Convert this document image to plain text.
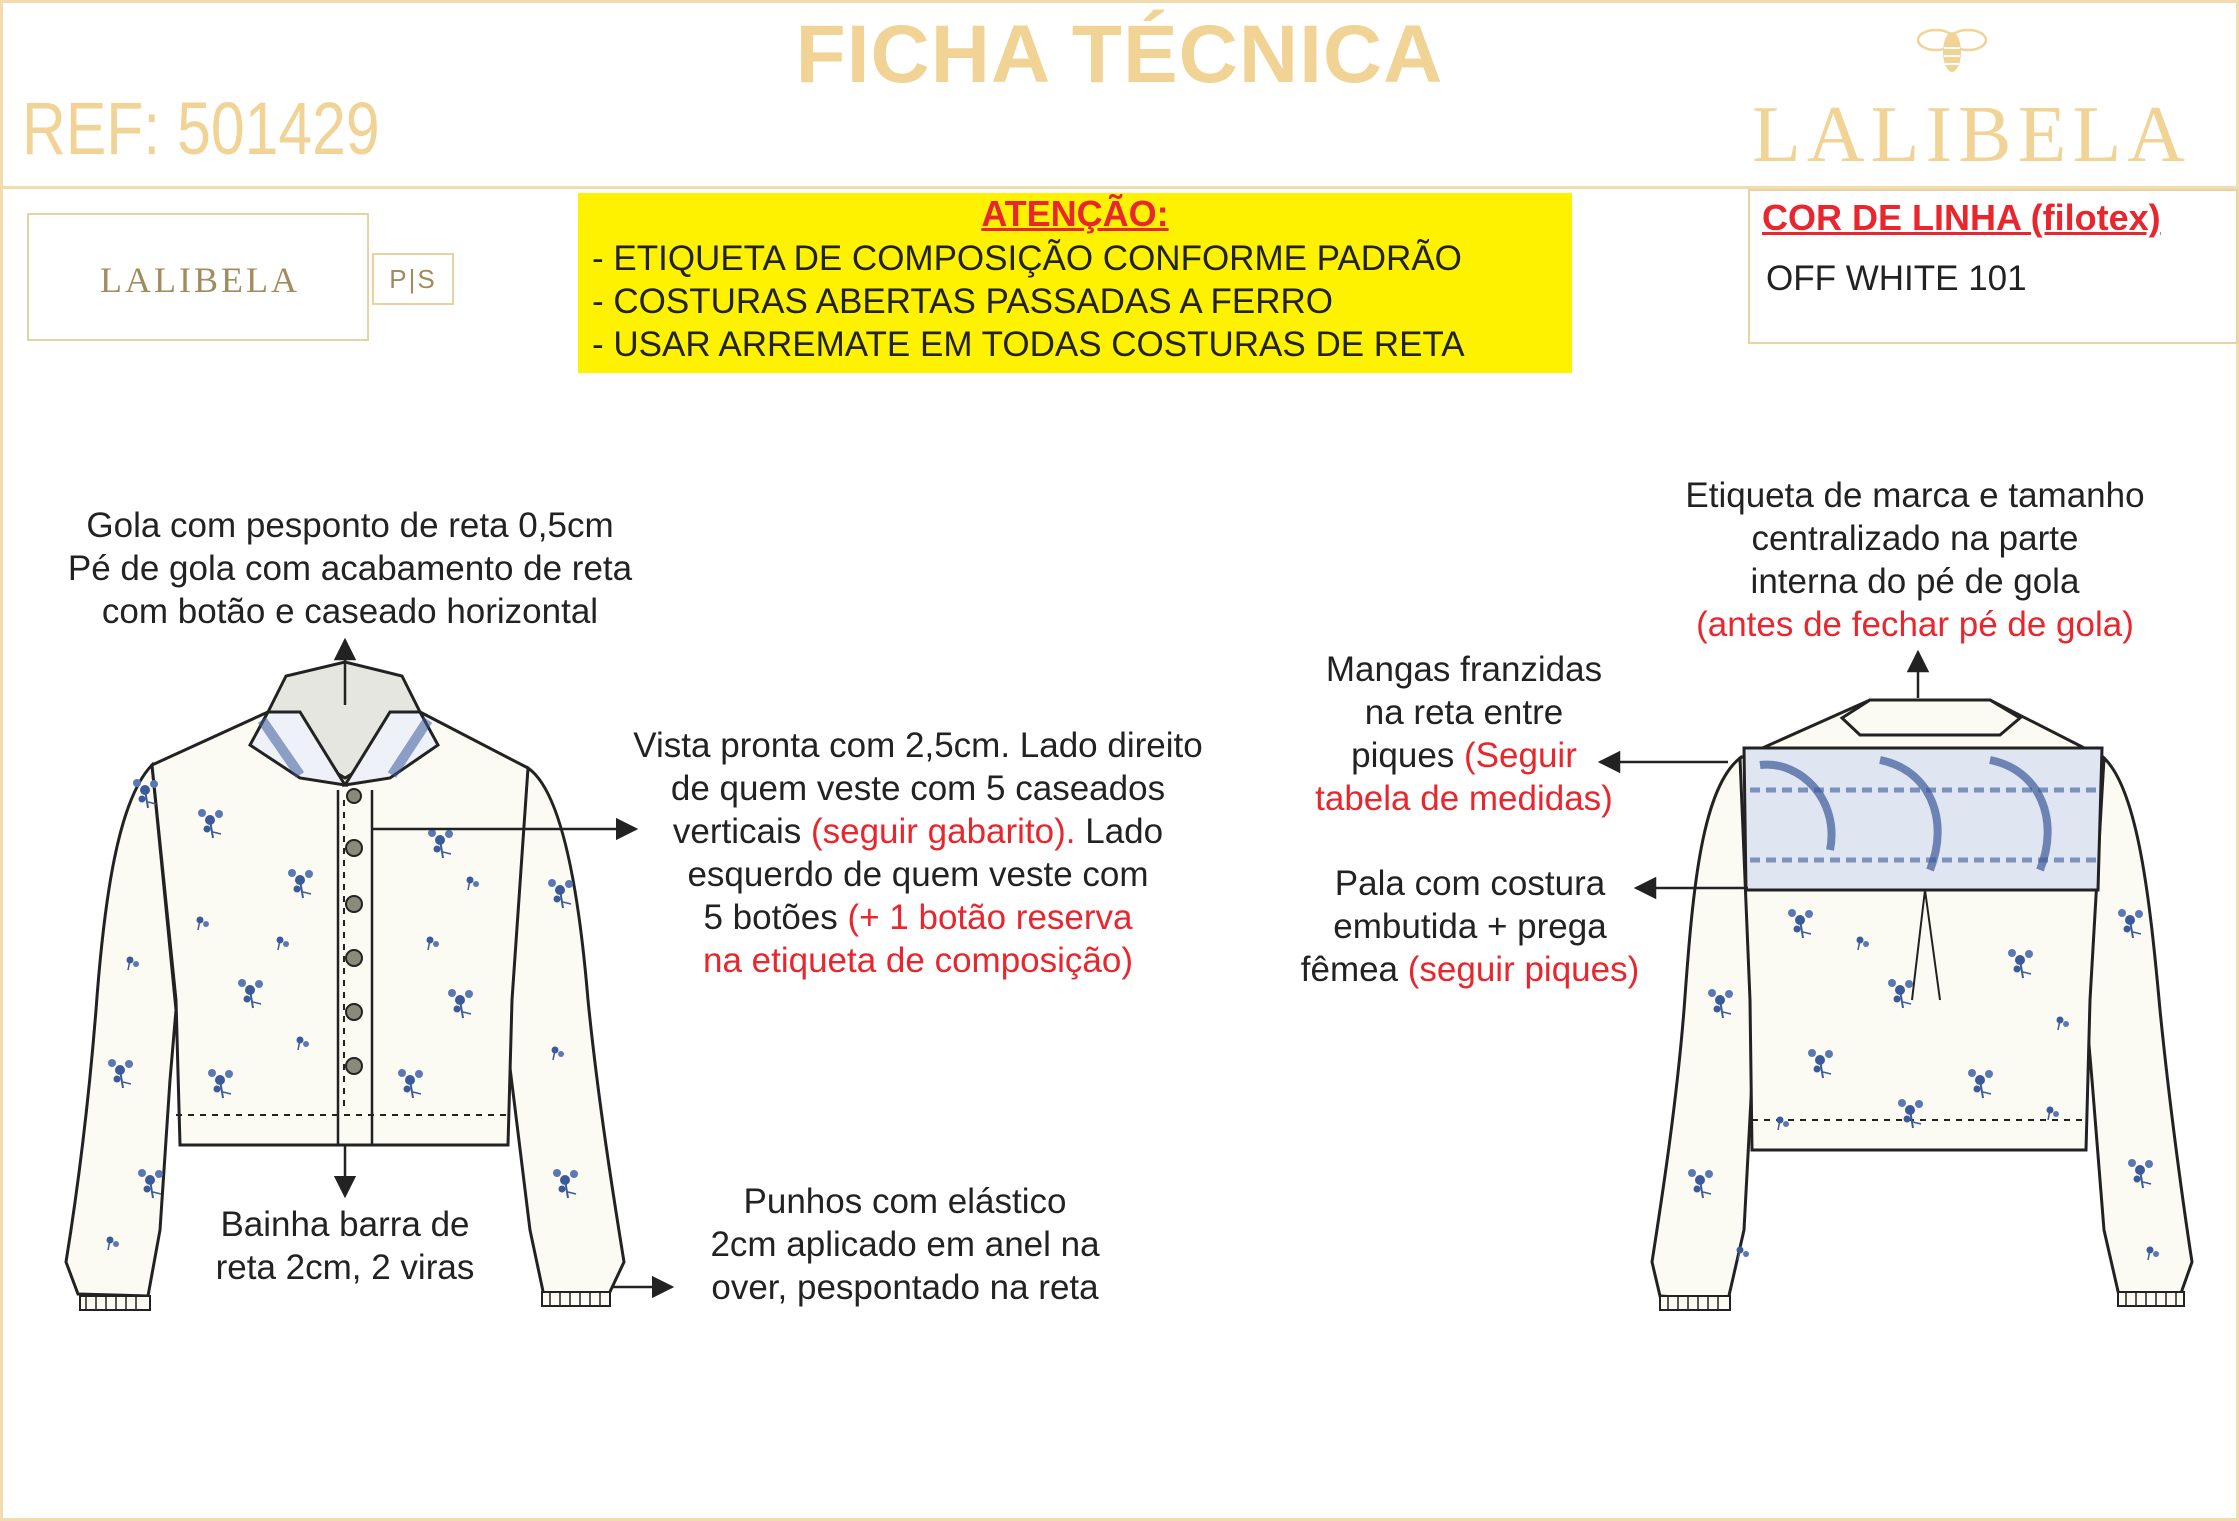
FICHA TÉCNICA
REF: 501429	LALIBELA
LALIBELA	P|S
ATENÇÃO:
- ETIQUETA DE COMPOSIÇÃO CONFORME PADRÃO
- COSTURAS ABERTAS PASSADAS A FERRO
- USAR ARREMATE EM TODAS COSTURAS DE RETA
COR DE LINHA (filotex)
OFF WHITE 101
Gola com pesponto de reta 0,5cm
Pé de gola com acabamento de reta
com botão e caseado horizontal
Vista pronta com 2,5cm. Lado direito
de quem veste com 5 caseados
verticais (seguir gabarito). Lado
esquerdo de quem veste com
5 botões (+ 1 botão reserva
na etiqueta de composição)
Bainha barra de
reta 2cm, 2 viras
Punhos com elástico
2cm aplicado em anel na
over, pespontado na reta
Etiqueta de marca e tamanho
centralizado na parte
interna do pé de gola
(antes de fechar pé de gola)
Mangas franzidas
na reta entre
piques (Seguir
tabela de medidas)
Pala com costura
embutida + prega
fêmea (seguir piques)
